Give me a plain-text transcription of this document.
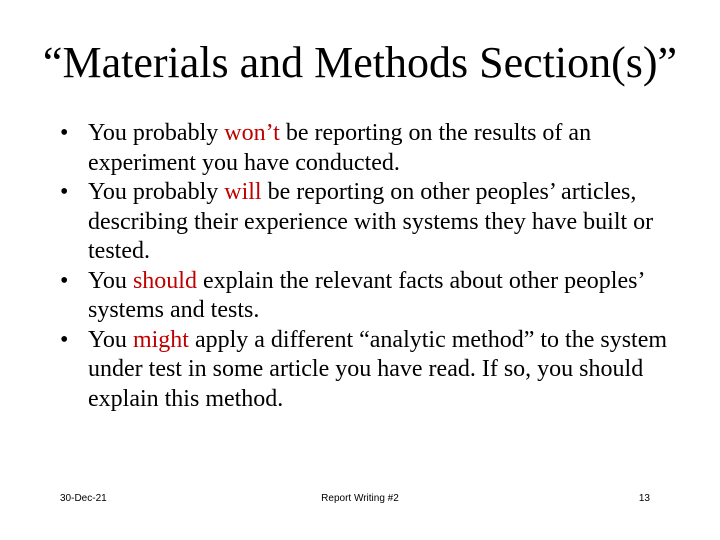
“Materials and Methods Section(s)”
• You probably won’t be reporting on the results of an experiment you have conducted.
• You probably will be reporting on other peoples’ articles, describing their experience with systems they have built or tested.
• You should explain the relevant facts about other peoples’ systems and tests.
• You might apply a different “analytic method” to the system under test in some article you have read. If so, you should explain this method.
30-Dec-21	Report Writing #2	13
